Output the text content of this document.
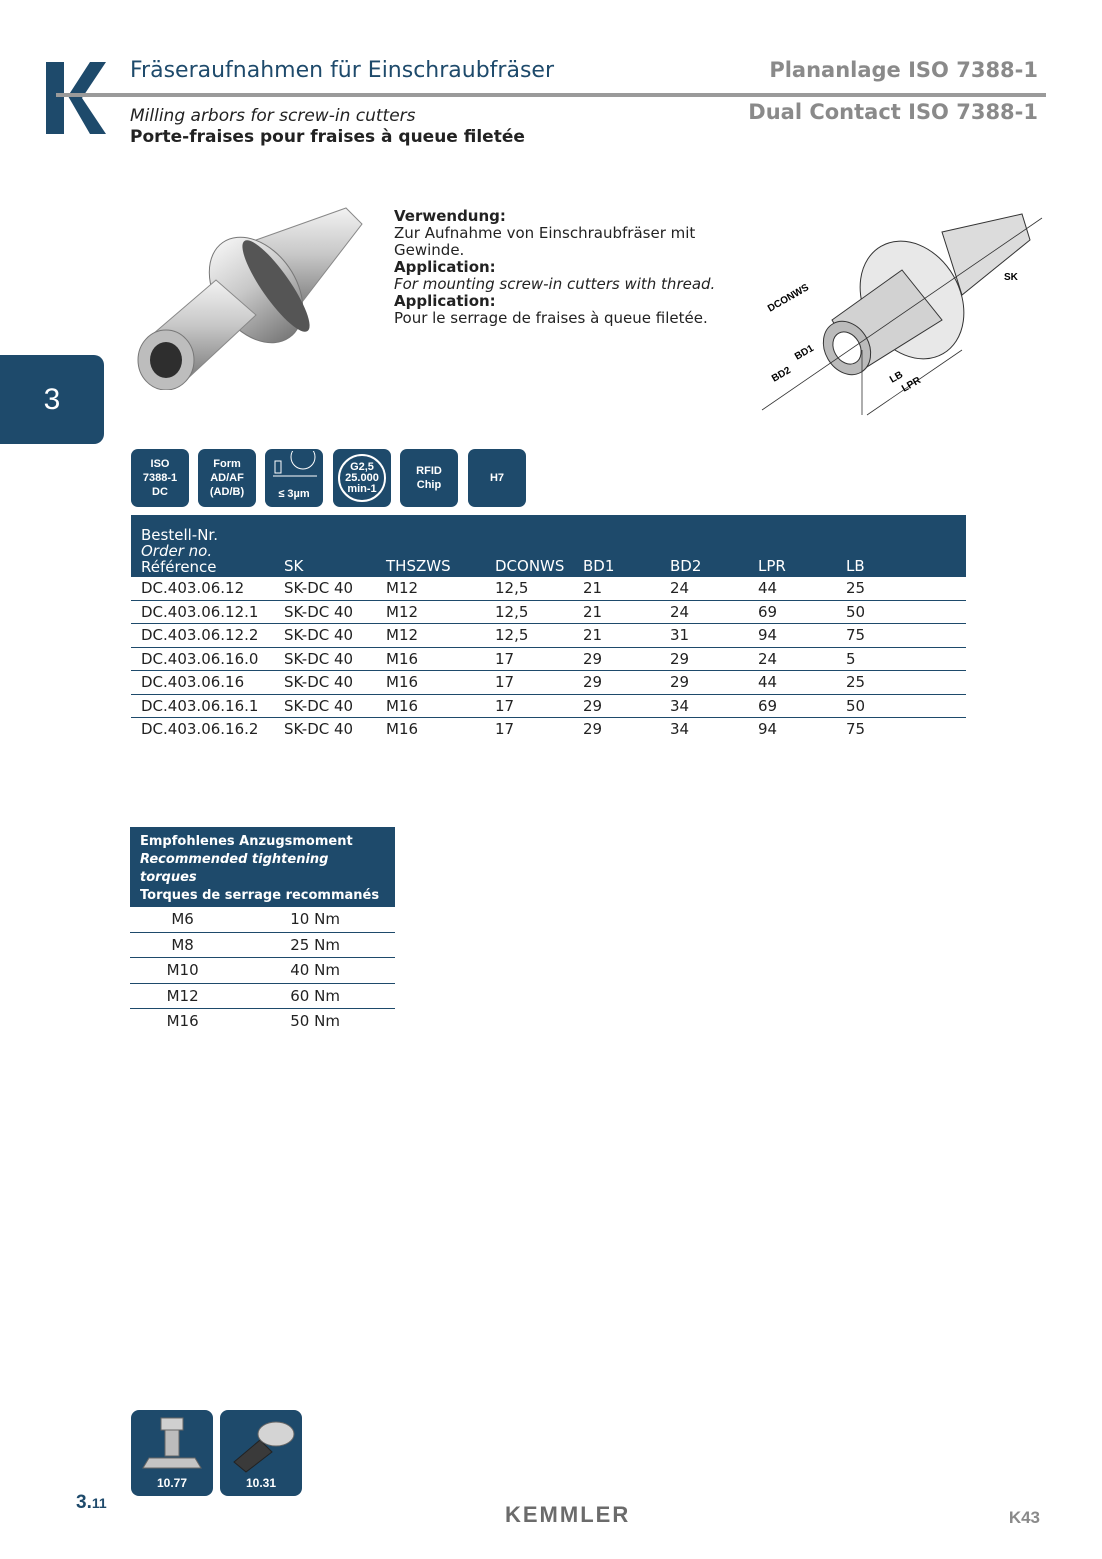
Fräseraufnahmen für Einschraubfräser	Plananlage ISO 7388-1
Dual Contact ISO 7388-1
Milling arbors for screw-in cutters
Porte-fraises pour fraises à queue filetée
Verwendung:
Zur Aufnahme von Einschraubfräser mit Gewinde.
Application:
For mounting screw-in cutters with thread.
Application:
Pour le serrage de fraises à queue filetée.
DCONWS
SK
BD1
BD2	LB
LPR
3
ISO
7388-1
DC
Form
AD/AF
(AD/B)	≤ 3µm
G2,5
25.000
min-1
RFID
Chip
H7
Bestell-Nr.
Order no.
Référence	SK	THSZWS	DCONWS	BD1	BD2	LPR	LB
DC.403.06.12	SK-DC 40	M12	12,5	21	24	44	25
DC.403.06.12.1	SK-DC 40	M12	12,5	21	24	69	50
DC.403.06.12.2	SK-DC 40	M12	12,5	21	31	94	75
DC.403.06.16.0	SK-DC 40	M16	17	29	29	24	5
DC.403.06.16	SK-DC 40	M16	17	29	29	44	25
DC.403.06.16.1	SK-DC 40	M16	17	29	34	69	50
DC.403.06.16.2	SK-DC 40	M16	17	29	34	94	75
Empfohlenes Anzugsmoment
Recommended tightening torques
Torques de serrage recommanés	

M6	10 Nm
M8	25 Nm
M10	40 Nm
M12	60 Nm
M16	50 Nm
10.77	10.31
3.11	KEMMLER	K43
